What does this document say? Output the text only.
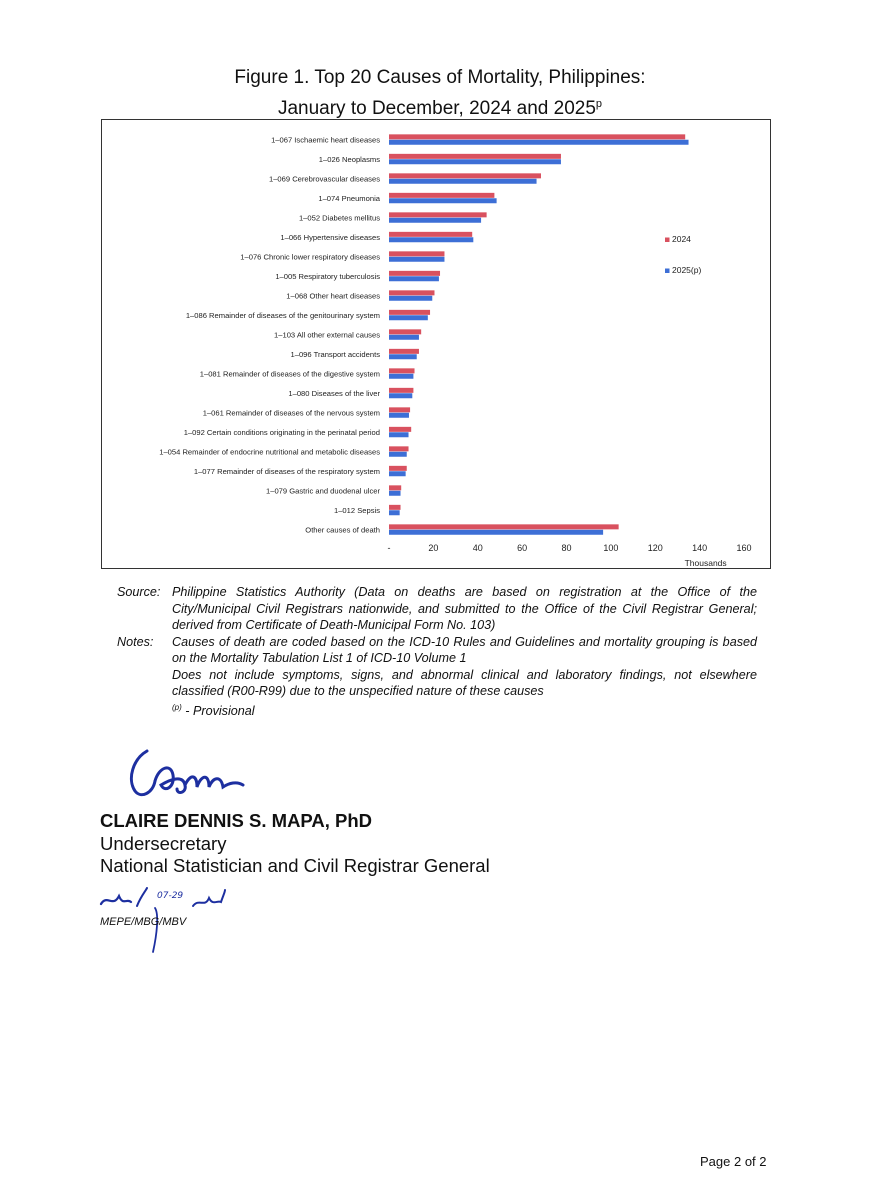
Figure 1. Top 20 Causes of Mortality, Philippines:
January to December, 2024 and 2025$^p$
1–067 Ischaemic heart diseases
1–026 Neoplasms
1–069 Cerebrovascular diseases
1–074 Pneumonia
1–052 Diabetes mellitus
1–066 Hypertensive diseases
1–076 Chronic lower respiratory diseases
1–005 Respiratory tuberculosis
1–068 Other heart diseases
1–086 Remainder of diseases of the genitourinary system
1–103 All other external causes
1–096 Transport accidents
1–081 Remainder of diseases of the digestive system
1–080 Diseases of the liver
1–061 Remainder of diseases of the nervous system
1–092 Certain conditions originating in the perinatal period
1–054 Remainder of endocrine nutritional and metabolic diseases
1–077 Remainder of diseases of the respiratory system
1–079 Gastric and duodenal ulcer
1–012 Sepsis
Other causes of death
-	20	40	60	80	100	120	140	160
Thousands
2024
2025(p)
Source: Philippine Statistics Authority (Data on deaths are based on registration at the Office of the City/Municipal Civil Registrars nationwide, and submitted to the Office of the Civil Registrar General; derived from Certificate of Death-Municipal Form No. 103)
Notes:	Causes of death are coded based on the ICD-10 Rules and Guidelines and mortality grouping is based on the Mortality Tabulation List 1 of ICD-10 Volume 1
Does not include symptoms, signs, and abnormal clinical and laboratory findings, not elsewhere classified (R00-R99) due to the unspecified nature of these causes
$^{(p)}$ - Provisional
CLAIRE DENNIS S. MAPA, PhD
Undersecretary
National Statistician and Civil Registrar General
07-29
MEPE/MBG/MBV
Page 2 of 2
